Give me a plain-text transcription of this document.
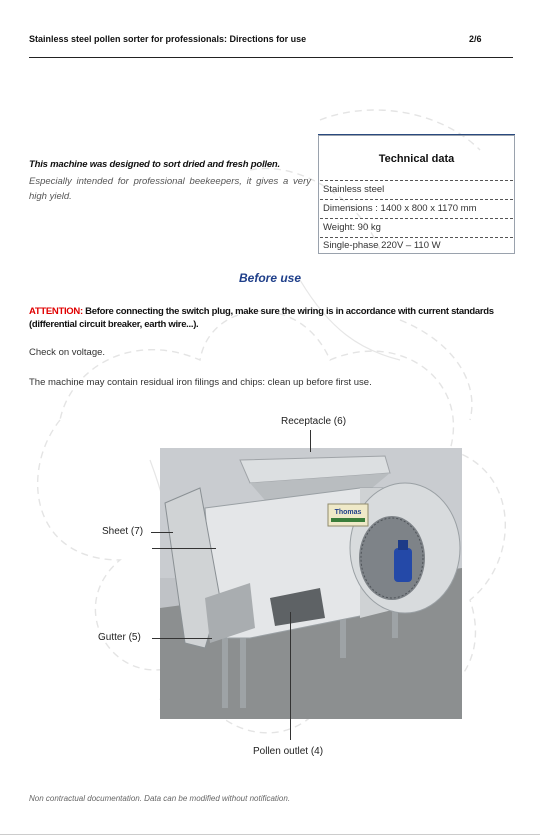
Stainless steel pollen sorter for professionals: Directions for use	2/6
This machine was designed to sort dried and fresh pollen.
Especially intended for professional beekeepers, it gives a very high yield.
Technical data
Stainless steel
Dimensions : 1400 x 800 x 1170 mm
Weight: 90 kg
Single-phase 220V – 110 W
Before use
ATTENTION: Before connecting the switch plug, make sure the wiring is in accordance with current standards (differential circuit breaker, earth wire...).
Check on voltage.
The machine may contain residual iron filings and chips: clean up before first use.
Thomas
Receptacle (6)
Sheet (7)
Gutter (5)
Pollen outlet (4)
Non contractual documentation. Data can be modified without notification.
